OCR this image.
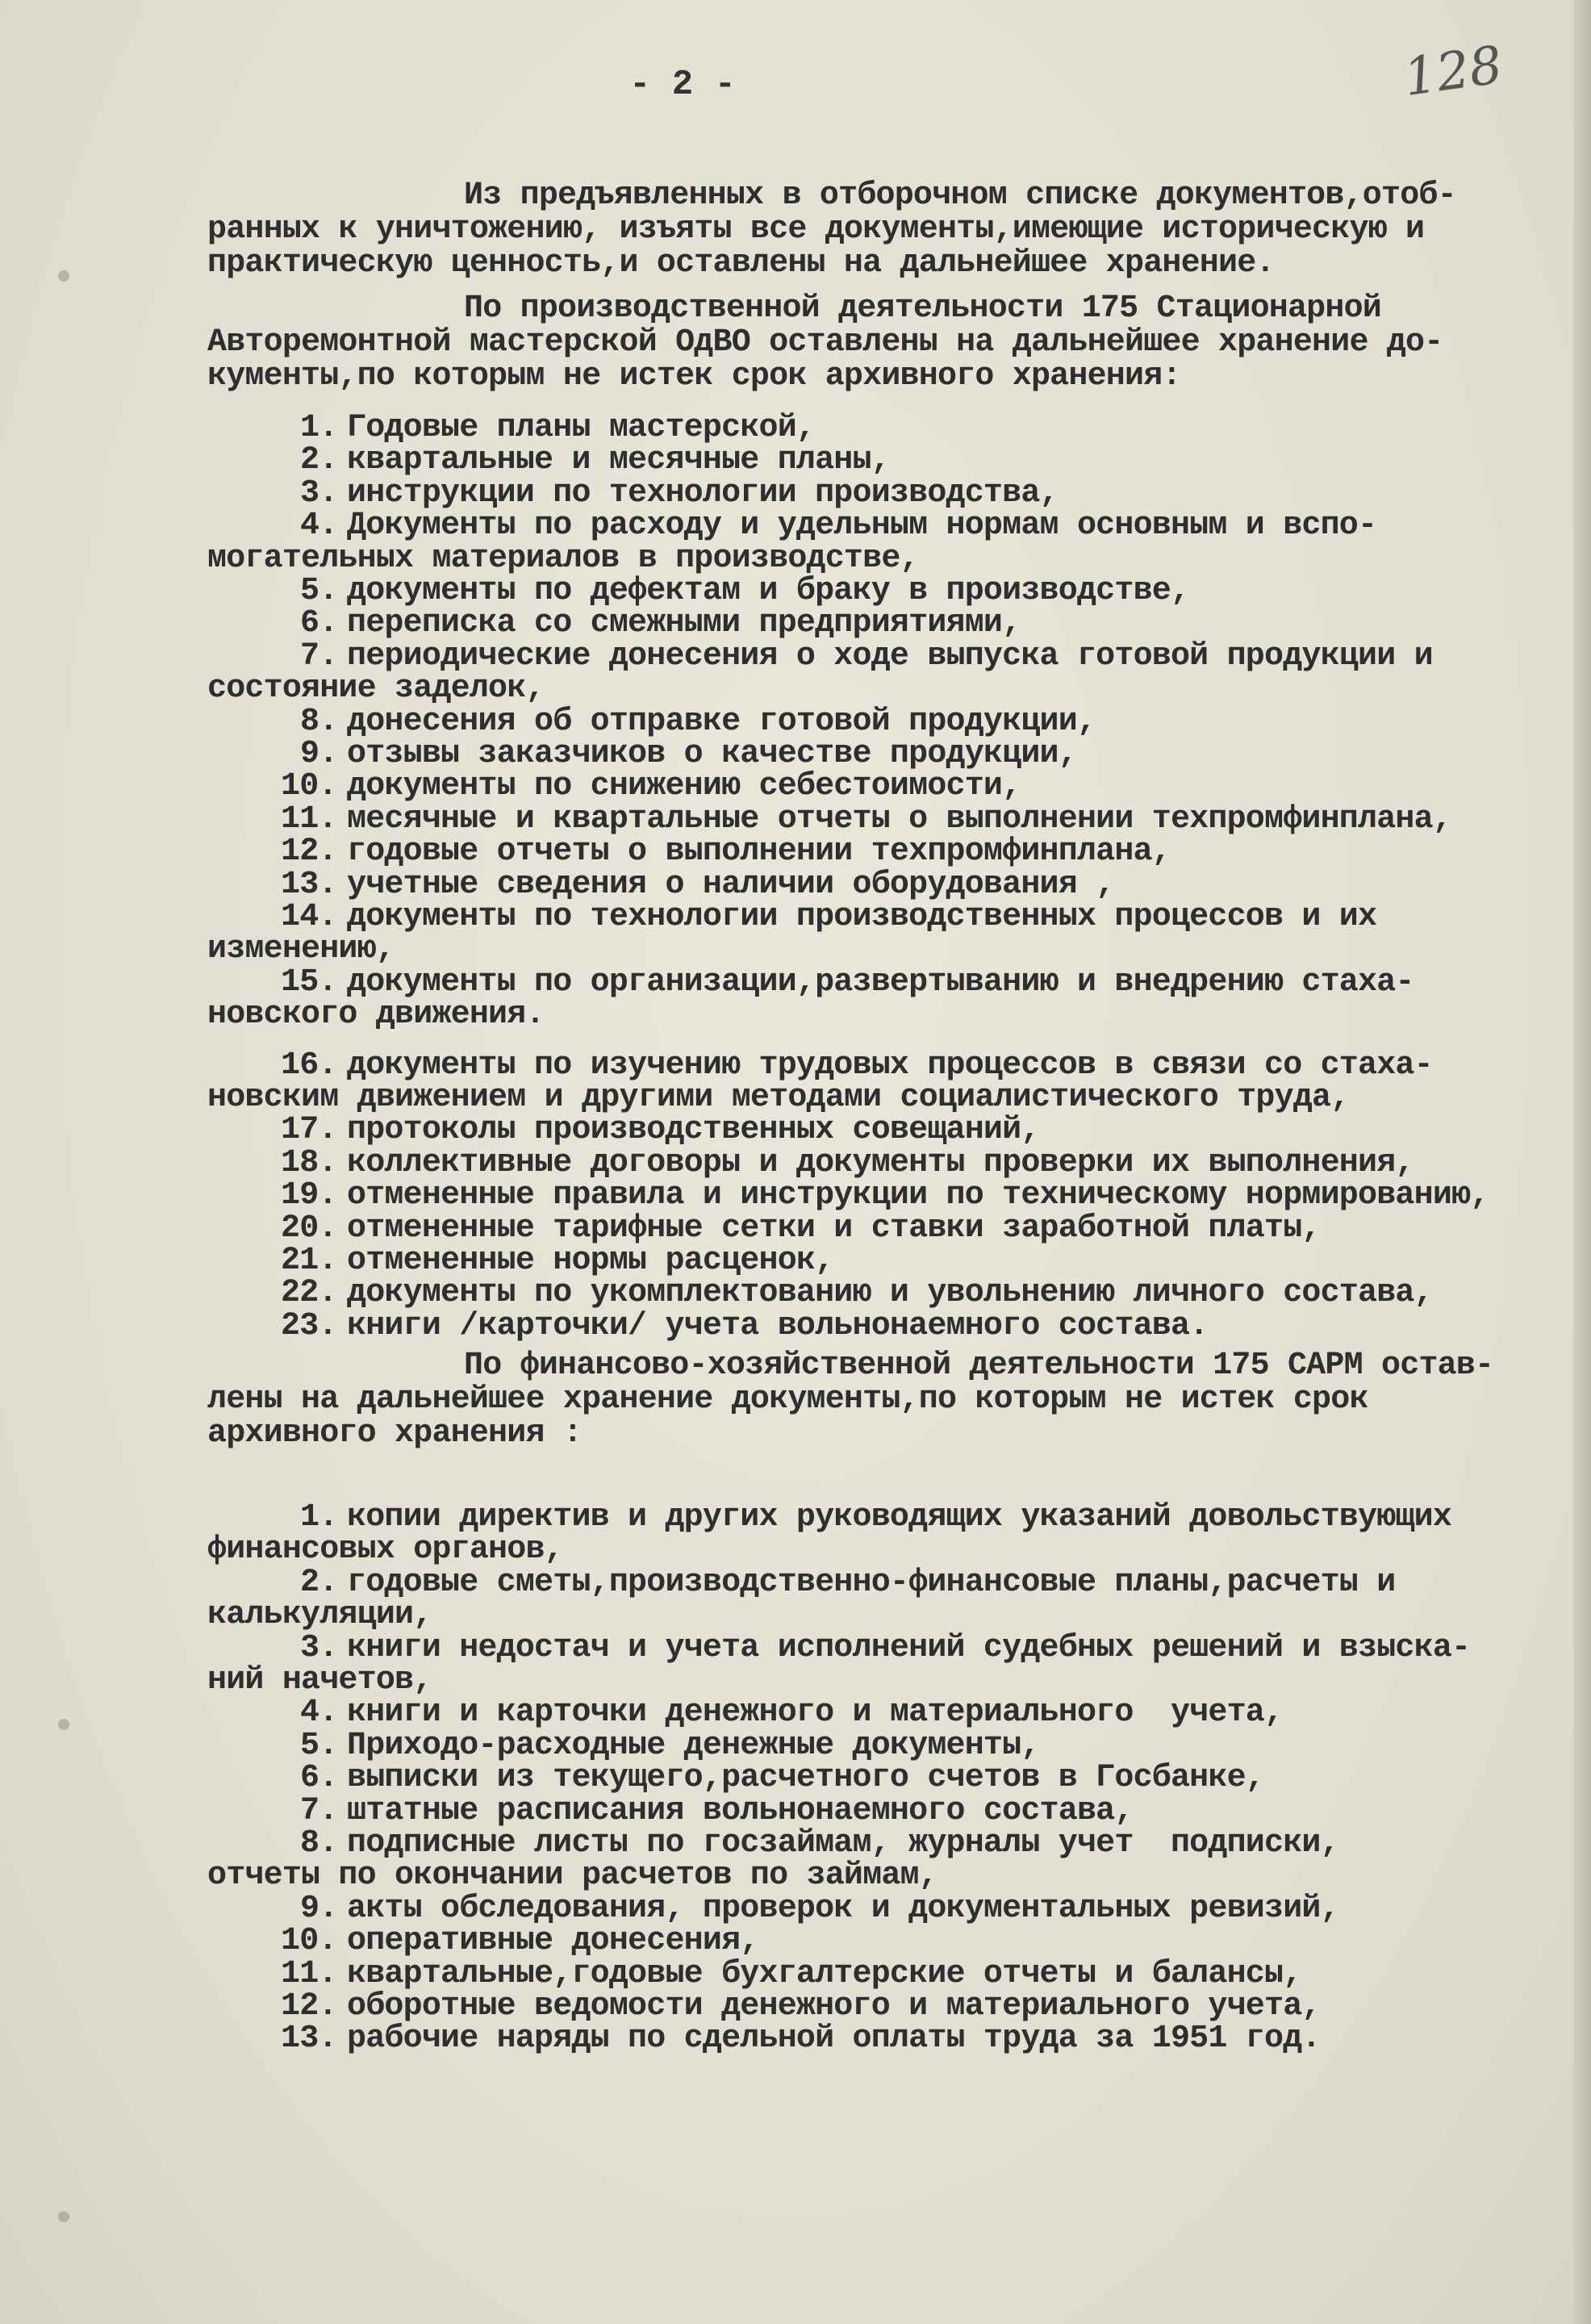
- 2 -	128
Из предъявленных в отборочном списке документов,отоб-
ранных к уничтожению, изъяты все документы,имеющие историческую и
практическую ценность,и оставлены на дальнейшее хранение.
По производственной деятельности 175 Стационарной
Авторемонтной мастерской ОдВО оставлены на дальнейшее хранение до-
кументы,по которым не истек срок архивного хранения:
1. Годовые планы мастерской,
2. квартальные и месячные планы,
3. инструкции по технологии производства,
4. Документы по расходу и удельным нормам основным и вспо-
могательных материалов в производстве,
5. документы по дефектам и браку в производстве,
6. переписка со смежными предприятиями,
7. периодические донесения о ходе выпуска готовой продукции и
состояние заделок,
8. донесения об отправке готовой продукции,
9. отзывы заказчиков о качестве продукции,
10. документы по снижению себестоимости,
11. месячные и квартальные отчеты о выполнении техпромфинплана,
12. годовые отчеты о выполнении техпромфинплана,
13. учетные сведения о наличии оборудования ,
14. документы по технологии производственных процессов и их
изменению,
15. документы по организации,развертыванию и внедрению стаха-
новского движения.
16. документы по изучению трудовых процессов в связи со стаха-
новским движением и другими методами социалистического труда,
17. протоколы производственных совещаний,
18. коллективные договоры и документы проверки их выполнения,
19. отмененные правила и инструкции по техническому нормированию,
20. отмененные тарифные сетки и ставки заработной платы,
21. отмененные нормы расценок,
22. документы по укомплектованию и увольнению личного состава,
23. книги /карточки/ учета вольнонаемного состава.
По финансово-хозяйственной деятельности 175 САРМ остав-
лены на дальнейшее хранение документы,по которым не истек срок
архивного хранения :
1. копии директив и других руководящих указаний довольствующих
финансовых органов,
2. годовые сметы,производственно-финансовые планы,расчеты и
калькуляции,
3. книги недостач и учета исполнений судебных решений и взыска-
ний начетов,
4. книги и карточки денежного и материального  учета,
5. Приходо-расходные денежные документы,
6. выписки из текущего,расчетного счетов в Госбанке,
7. штатные расписания вольнонаемного состава,
8. подписные листы по госзаймам, журналы учет  подписки,
отчеты по окончании расчетов по займам,
9. акты обследования, проверок и документальных ревизий,
10. оперативные донесения,
11. квартальные,годовые бухгалтерские отчеты и балансы,
12. оборотные ведомости денежного и материального учета,
13. рабочие наряды по сдельной оплаты труда за 1951 год.
